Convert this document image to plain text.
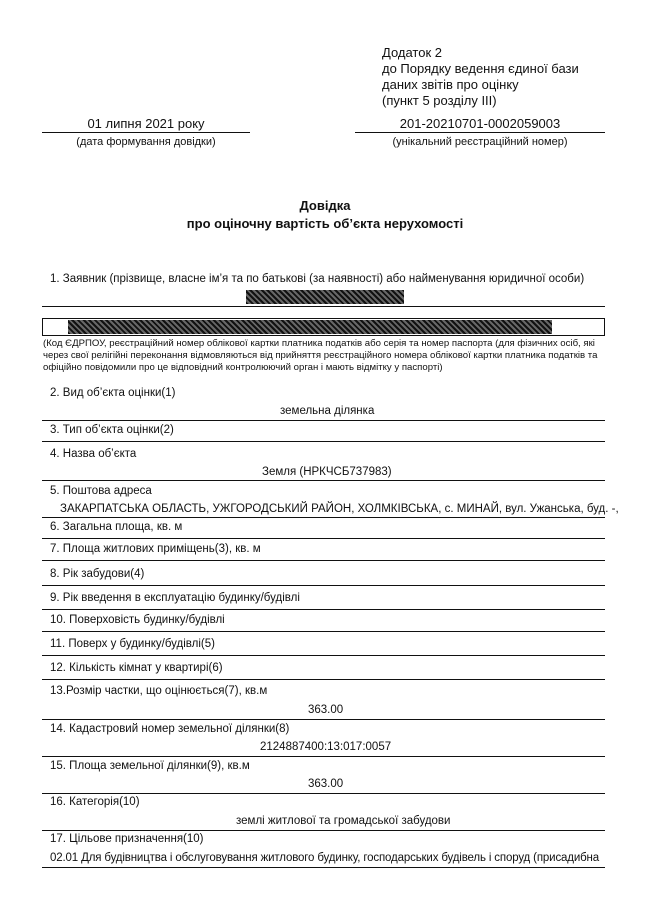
Додаток 2
до Порядку ведення єдиної бази
даних звітів про оцінку
(пункт 5 розділу III)
01 липня 2021 року
(дата формування довідки)
201-20210701-0002059003
(унікальний реєстраційний номер)
Довідка
про оціночну вартість об’єкта нерухомості
1. Заявник (прізвище, власне ім’я та по батькові (за наявності) або найменування юридичної особи)
(Код ЄДРПОУ, реєстраційний номер облікової картки платника податків або серія та номер паспорта (для фізичних осіб, які через свої релігійні переконання відмовляються від прийняття реєстраційного номера облікової картки платника податків та офіційно повідомили про це відповідний контролюючий орган і мають відмітку у паспорті)
2. Вид об’єкта оцінки(1)
земельна ділянка
3. Тип об’єкта оцінки(2)
4. Назва об’єкта
Земля (НРКЧСБ737983)
5. Поштова адреса
ЗАКАРПАТСЬКА ОБЛАСТЬ, УЖГОРОДСЬКИЙ РАЙОН, ХОЛМКІВСЬКА, с. МИНАЙ, вул. Ужанська, буд. -,
6. Загальна площа, кв. м
7. Площа житлових приміщень(3), кв. м
8. Рік забудови(4)
9. Рік введення в експлуатацію будинку/будівлі
10. Поверховість будинку/будівлі
11. Поверх у будинку/будівлі(5)
12. Кількість кімнат у квартирі(6)
13.Розмір частки, що оцінюється(7), кв.м
363.00
14. Кадастровий номер земельної ділянки(8)
2124887400:13:017:0057
15. Площа земельної ділянки(9), кв.м
363.00
16. Категорія(10)
землі житлової та громадської забудови
17. Цільове призначення(10)
02.01 Для будівництва і обслуговування житлового будинку, господарських будівель і споруд (присадибна
